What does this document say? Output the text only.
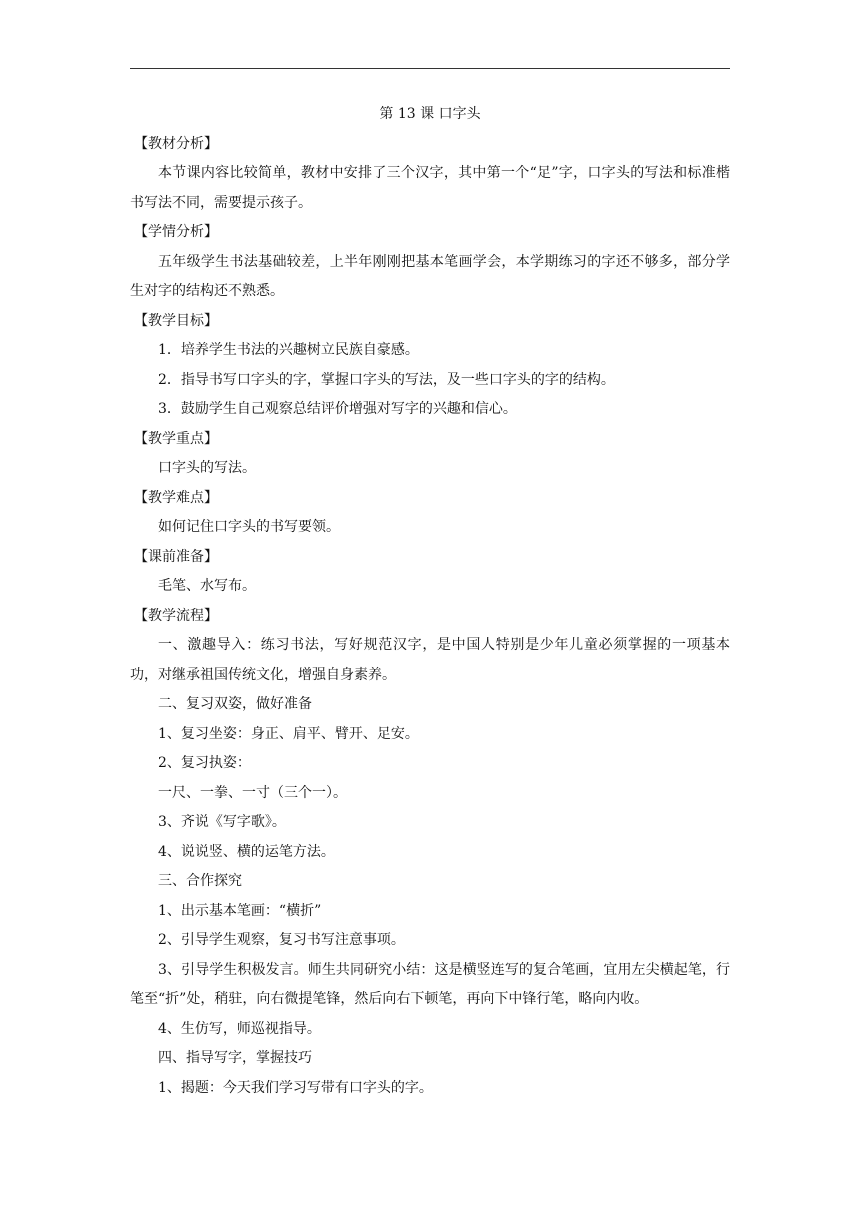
第 13 课 口字头

【教材分析】

本节课内容比较简单，教材中安排了三个汉字，其中第一个“足”字，口字头的写法和标准楷书写法不同，需要提示孩子。

【学情分析】

五年级学生书法基础较差，上半年刚刚把基本笔画学会，本学期练习的字还不够多，部分学生对字的结构还不熟悉。

【教学目标】

1．培养学生书法的兴趣树立民族自豪感。

2．指导书写口字头的字，掌握口字头的写法，及一些口字头的字的结构。

3．鼓励学生自己观察总结评价增强对写字的兴趣和信心。

【教学重点】

口字头的写法。

【教学难点】

如何记住口字头的书写要领。

【课前准备】

毛笔、水写布。

【教学流程】

一、激趣导入：练习书法，写好规范汉字，是中国人特别是少年儿童必须掌握的一项基本功，对继承祖国传统文化，增强自身素养。

二、复习双姿，做好准备

1、复习坐姿：身正、肩平、臂开、足安。

2、复习执姿：

一尺、一拳、一寸（三个一）。

3、齐说《写字歌》。

4、说说竖、横的运笔方法。

三、合作探究

1、出示基本笔画：“横折”

2、引导学生观察，复习书写注意事项。

3、引导学生积极发言。师生共同研究小结：这是横竖连写的复合笔画，宜用左尖横起笔，行笔至“折”处，稍驻，向右微提笔锋，然后向右下顿笔，再向下中锋行笔，略向内收。

4、生仿写，师巡视指导。

四、指导写字，掌握技巧

1、揭题：今天我们学习写带有口字头的字。
